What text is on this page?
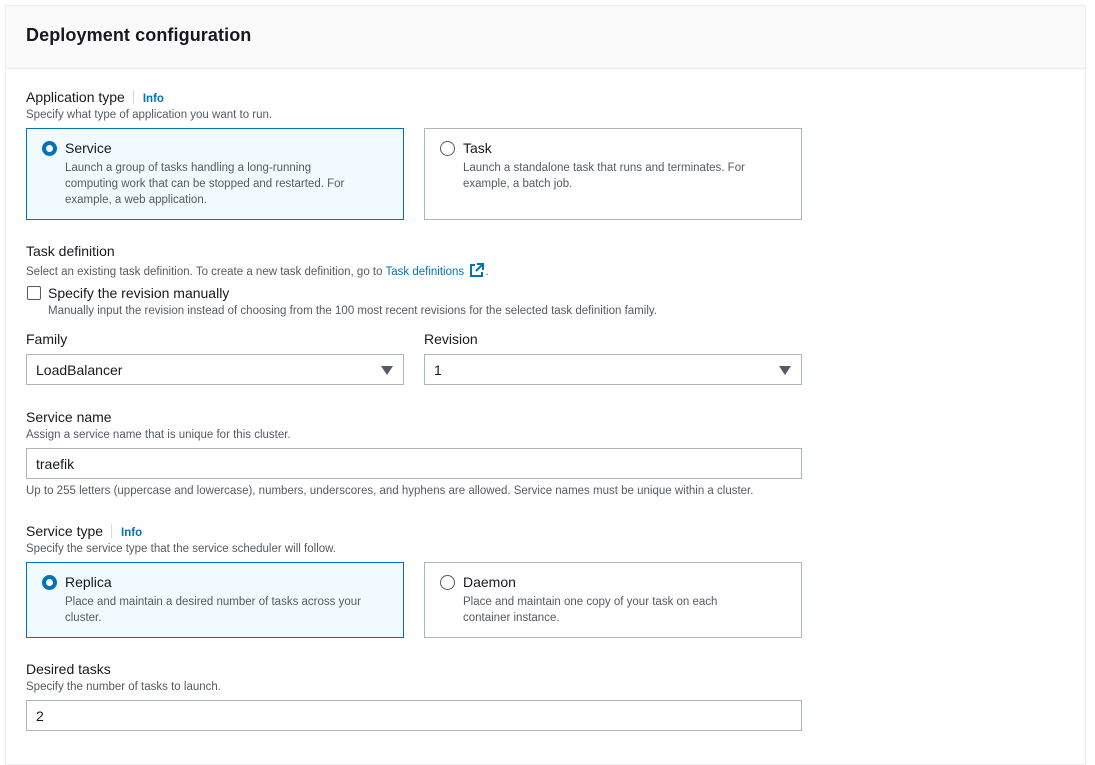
Deployment configuration
Application type Info
Specify what type of application you want to run.
Service
Launch a group of tasks handling a long-running
computing work that can be stopped and restarted. For
example, a web application.
Task
Launch a standalone task that runs and terminates. For
example, a batch job.
Task definition
Select an existing task definition. To create a new task definition, go to Task definitions .
Specify the revision manually
Manually input the revision instead of choosing from the 100 most recent revisions for the selected task definition family.
Family
LoadBalancer
Revision
1
Service name
Assign a service name that is unique for this cluster.
traefik
Up to 255 letters (uppercase and lowercase), numbers, underscores, and hyphens are allowed. Service names must be unique within a cluster.
Service type Info
Specify the service type that the service scheduler will follow.
Replica
Place and maintain a desired number of tasks across your
cluster.
Daemon
Place and maintain one copy of your task on each
container instance.
Desired tasks
Specify the number of tasks to launch.
2
